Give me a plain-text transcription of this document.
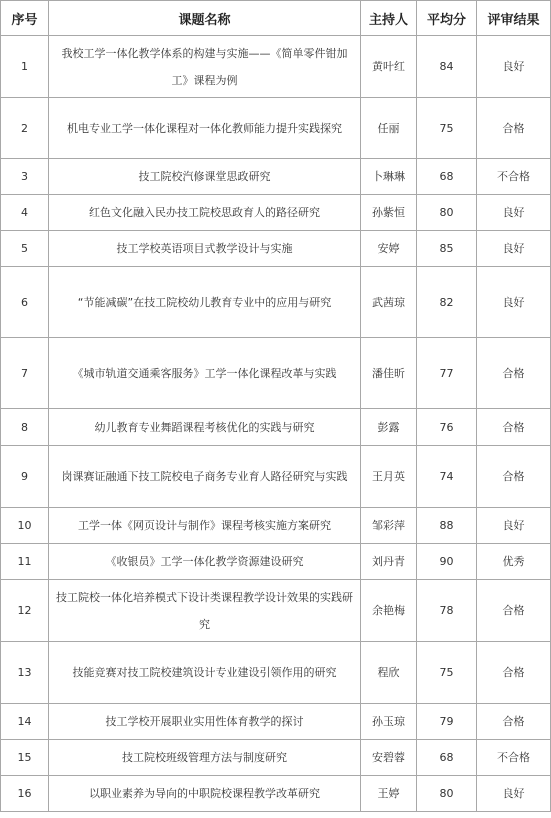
序号	课题名称	主持人	平均分	评审结果
1	我校工学一体化教学体系的构建与实施——《简单零件钳加工》课程为例	黄叶红	84	良好
2	机电专业工学一体化课程对一体化教师能力提升实践探究	任丽	75	合格
3	技工院校汽修课堂思政研究	卜琳琳	68	不合格
4	红色文化融入民办技工院校思政育人的路径研究	孙紫恒	80	良好
5	技工学校英语项目式教学设计与实施	安婷	85	良好
6	“节能减碳”在技工院校幼儿教育专业中的应用与研究	武茜琼	82	良好
7	《城市轨道交通乘客服务》工学一体化课程改革与实践	潘佳昕	77	合格
8	幼儿教育专业舞蹈课程考核优化的实践与研究	彭露	76	合格
9	岗课赛证融通下技工院校电子商务专业育人路径研究与实践	王月英	74	合格
10	工学一体《网页设计与制作》课程考核实施方案研究	邹彩萍	88	良好
11	《收银员》工学一体化教学资源建设研究	刘丹青	90	优秀
12	技工院校一体化培养模式下设计类课程教学设计效果的实践研究	余艳梅	78	合格
13	技能竞赛对技工院校建筑设计专业建设引领作用的研究	程欣	75	合格
14	技工学校开展职业实用性体育教学的探讨	孙玉琼	79	合格
15	技工院校班级管理方法与制度研究	安碧蓉	68	不合格
16	以职业素养为导向的中职院校课程教学改革研究	王婷	80	良好
